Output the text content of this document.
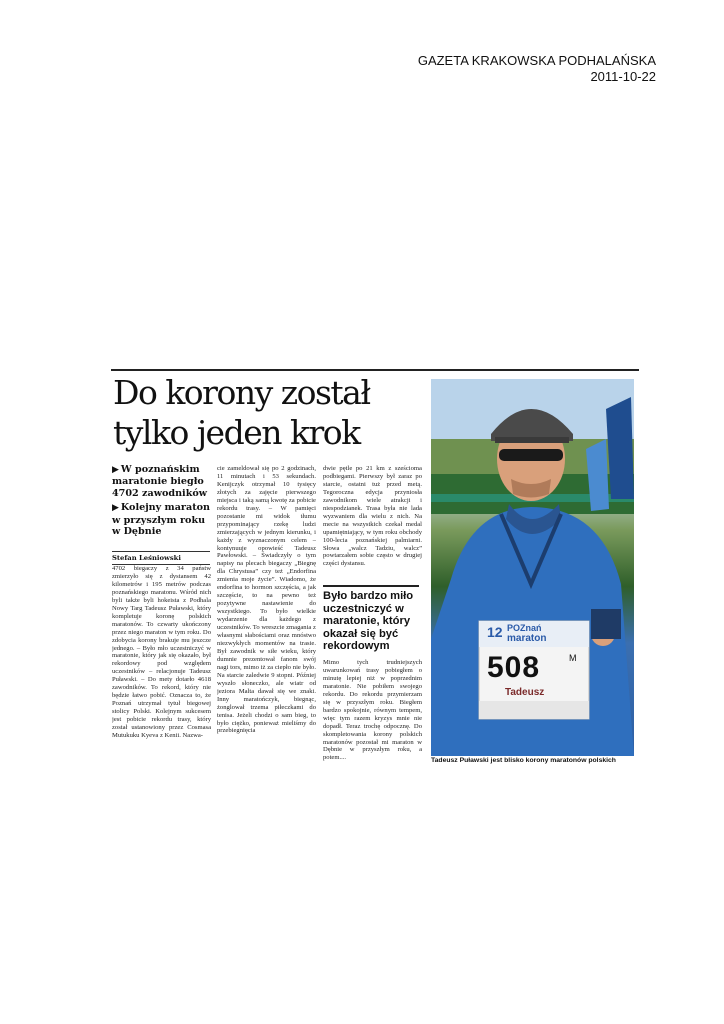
GAZETA KRAKOWSKA PODHALAŃSKA
2011-10-22
Do korony został tylko jeden krok
▶ W poznańskim maratonie biegło 4702 zawodników
▶ Kolejny maraton w przyszłym roku w Dębnie
Stefan Leśniowski

4702 biegaczy z 34 państw zmierzyło się z dystansem 42 kilometrów i 195 metrów podczas poznańskiego maratonu. Wśród nich byli także byli hokeista z Podhala Nowy Targ Tadeusz Puławski, który kompletuje koronę polskich maratonów. To czwarty ukończony przez niego maraton w tym roku. Do zdobycia korony brakuje mu jeszcze jednego. – Było mło uczestniczyć w maratonie, który jak się okazało, był rekordowy pod względem uczestników – relacjonuje Tadeusz Puławski. – Do mety dotarło 4618 zawodników. To rekord, który nie będzie łatwo pobić. Oznacza to, że Poznań utrzymał tytuł biegowej stolicy Polski. Kolejnym sukcesem jest pobicie rekordu trasy, który został ustanowiony przez Cosmasa Mutukuku Kyeva z Kenii. Nazwa-

cie zameldował się po 2 godzinach, 11 minutach i 53 sekundach. Kenijczyk otrzymał 10 tysięcy złotych za zajęcie pierwszego miejsca i taką samą kwotę za pobicie rekordu trasy. – W pamięci pozostanie mi widok tłumu przypominający rzekę ludzi zmierzających w jednym kierunku, i każdy z wyznaczonym celem – kontynuuje opowieść Tadeusz Pawłowski. – Świadczyły o tym napisy na plecach biegaczy „Biegnę dla Chrystusa” czy też „Endorfina zmienia moje życie”. Wiadomo, że endorfina to hormon szczęścia, a jak szczęście, to na pewno też pozytywne nastawienie do wszystkiego. To było wielkie wydarzenie dla każdego z uczestników. To wreszcie zmagania z własnymi słabościami oraz mnóstwo niezwykłych momentów na trasie. Był zawodnik w siłe wieku, który dumnie prezentował fanom swój nagi tors, mimo iż za ciepło nie było. Na starcie zaledwie 9 stopni. Później wyszło słoneczko, ale wiatr od jeziora Malta dawał się we znaki. Inny maratończyk, biegnąc, żonglował trzema piłeczkami do tenisa. Jeżeli chodzi o sam bieg, to było ciężko, ponieważ mieliśmy do przebiegnięcia

dwie pętle po 21 km z sześcioma podbiegami. Pierwszy był zaraz po starcie, ostatni tuż przed metą. Tegoroczna edycja przyniosła zawodnikom wiele atrakcji i niespodzianek. Trasa była nie lada wyzwaniem dla wielu z nich. Na mecie na wszystkich czekał medal upamiętniający, w tym roku obchody 100-lecia poznańskiej palmiarni. Słowa „walcz Tadziu, walcz” powtarzałem sobie często w drugiej części dystansu.

Było bardzo miło uczestniczyć w maratonie, który okazał się być rekordowym

Mimo tych trudniejszych uwarunkowań trasy pobiegłem o minutę lepiej niż w poprzednim maratonie. Nie pobiłem swojego rekordu. Do rekordu przymierzam się w przyszłym roku. Biegłem bardzo spokojnie, równym tempem, więc tym razem kryzys mnie nie dopadł. Teraz trochę odpocznę. Do skompletowania korony polskich maratonów pozostał mi maraton w Dębnie w przyszłym roku, a potem....

12 POZnań
maraton
508	M
Tadeusz
Tadeusz Puławski jest blisko korony maratonów polskich
